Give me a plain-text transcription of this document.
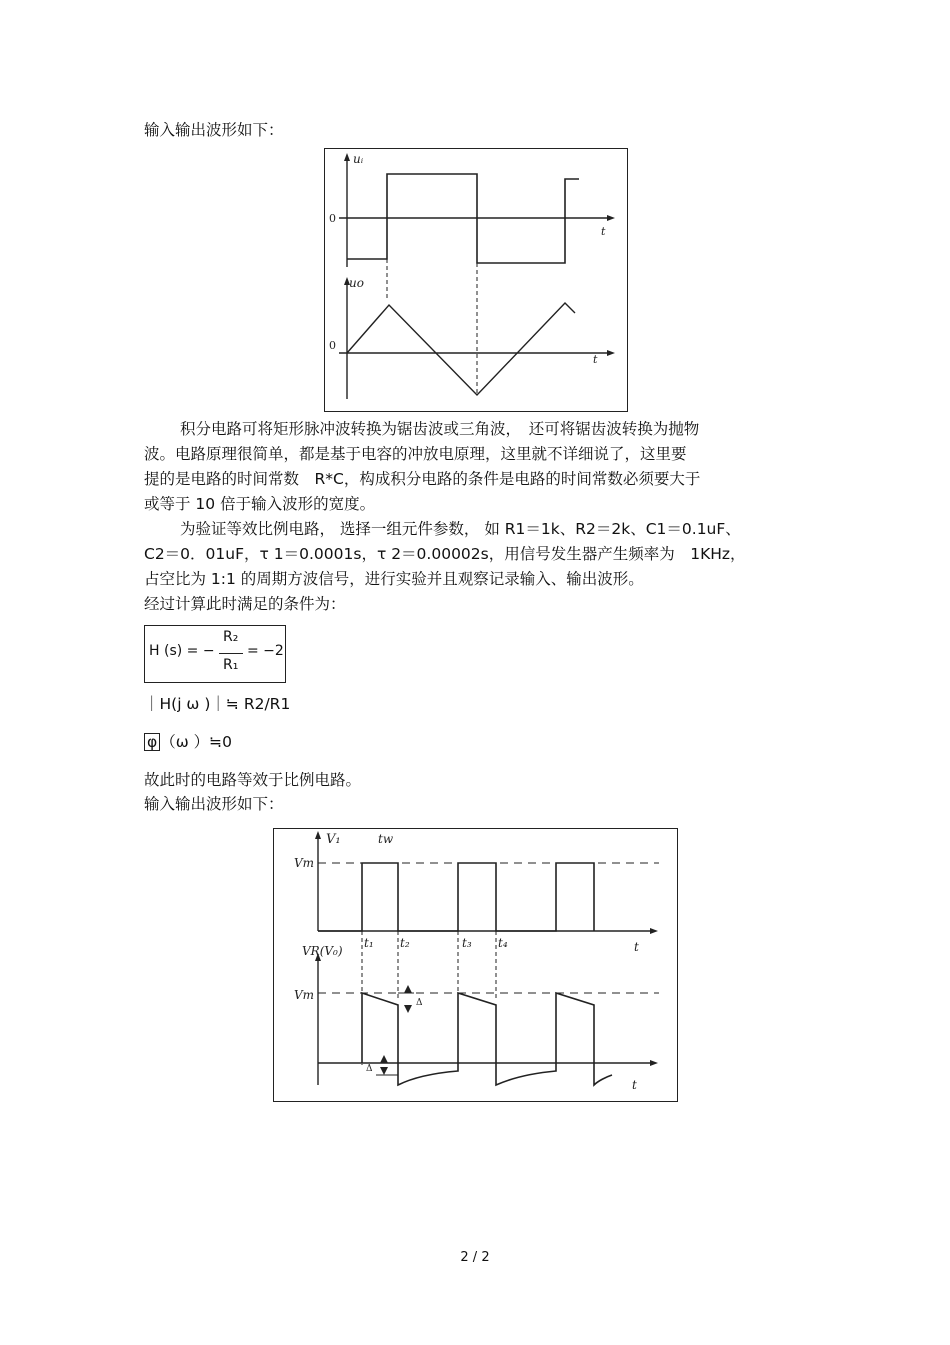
输入输出波形如下：
uᵢ
0
t
uo
0
t
积分电路可将矩形脉冲波转换为锯齿波或三角波，　还可将锯齿波转换为抛物
波。电路原理很简单，都是基于电容的冲放电原理，这里就不详细说了，这里要
提的是电路的时间常数　R*C，构成积分电路的条件是电路的时间常数必须要大于
或等于 10 倍于输入波形的宽度。
为验证等效比例电路， 选择一组元件参数， 如 R1＝1k、R2＝2k、C1＝0.1uF、
C2＝0．01uF，τ 1＝0.0001s，τ 2＝0.00002s，用信号发生器产生频率为　1KHz，
占空比为 1:1 的周期方波信号，进行实验并且观察记录输入、输出波形。
经过计算此时满足的条件为：
H (s) = −
R₂
R₁
= −2
｜H(j ω )｜≒ R2/R1
φ （ω ）≒0
故此时的电路等效于比例电路。
输入输出波形如下：
V₁	tw
Vm
t₁ t₂	t₃ t₄	t
VR(V₀)
Vm
t
Δ
Δ
2 / 2
